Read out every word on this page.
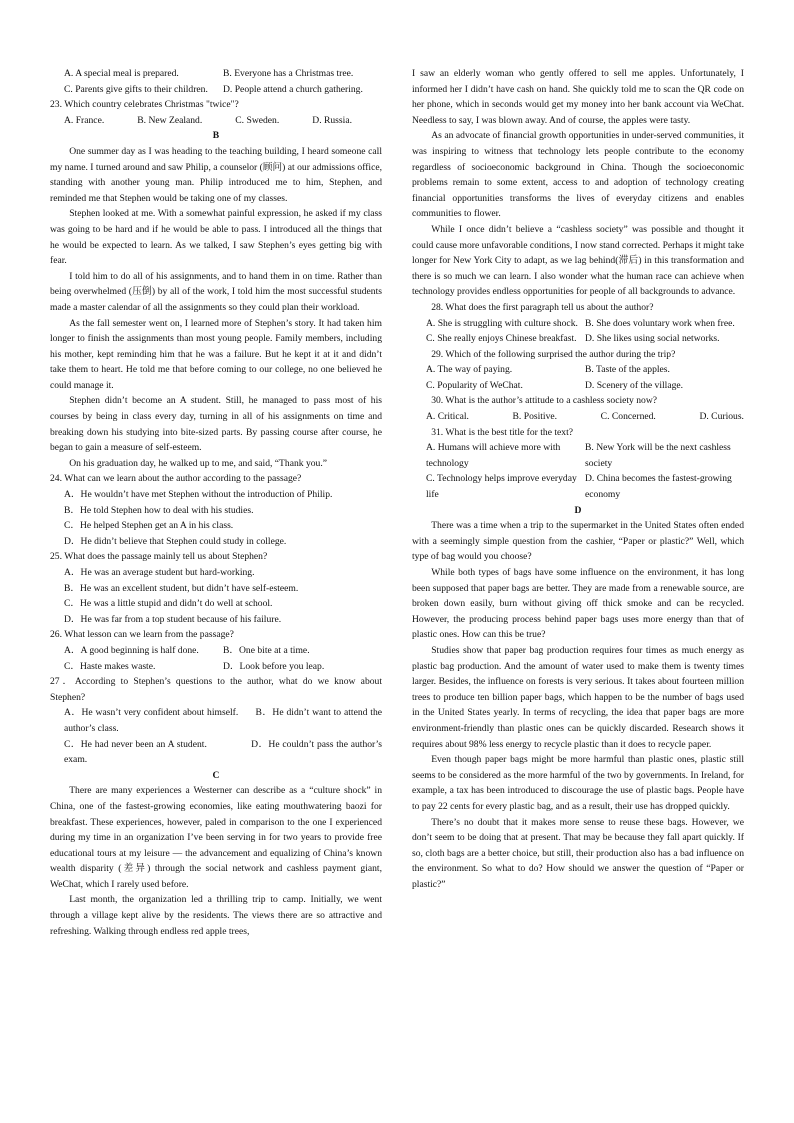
A. A special meal is prepared.	B. Everyone has a Christmas tree.
C. Parents give gifts to their children.	D. People attend a church gathering.

23. Which country celebrates Christmas "twice"?

A. France.	B. New Zealand.	C. Sweden.	D. Russia.

B

One summer day as I was heading to the teaching building, I heard someone call my name. I turned around and saw Philip, a counselor (顾问) at our admissions office, standing with another young man. Philip introduced me to him, Stephen, and reminded me that Stephen would be taking one of my classes.

Stephen looked at me. With a somewhat painful expression, he asked if my class was going to be hard and if he would be able to pass. I introduced all the things that he would be expected to learn. As we talked, I saw Stephen’s eyes getting big with fear.

I told him to do all of his assignments, and to hand them in on time. Rather than being overwhelmed (压倒) by all of the work, I told him the most successful students made a master calendar of all the assignments so they could plan their workload.

As the fall semester went on, I learned more of Stephen’s story. It had taken him longer to finish the assignments than most young people. Family members, including his mother, kept reminding him that he was a failure. But he kept it at it and didn’t take them to heart. He told me that before coming to our college, no one believed he could manage it.

Stephen didn’t become an A student. Still, he managed to pass most of his courses by being in class every day, turning in all of his assignments on time and breaking down his studying into bite-sized parts. By passing course after course, he began to gain a measure of self-esteem.

On his graduation day, he walked up to me, and said, “Thank you.”

24. What can we learn about the author according to the passage?

A．He wouldn’t have met Stephen without the introduction of Philip.

B．He told Stephen how to deal with his studies.

C．He helped Stephen get an A in his class.

D．He didn’t believe that Stephen could study in college.

25. What does the passage mainly tell us about Stephen?

A．He was an average student but hard-working.

B．He was an excellent student, but didn’t have self-esteem.

C．He was a little stupid and didn’t do well at school.

D．He was far from a top student because of his failure.

26. What lesson can we learn from the passage?

A．A good beginning is half done.	B．One bite at a time.
C．Haste makes waste.	D．Look before you leap.

27．According to Stephen’s questions to the author, what do we know about Stephen?

A．He wasn’t very confident about himself. B．He didn’t want to attend the author’s class.

C．He had never been an A student.	D．He couldn’t pass the author’s exam.

C

There are many experiences a Westerner can describe as a “culture shock” in China, one of the fastest-growing economies, like eating mouthwatering baozi for breakfast. These experiences, however, paled in comparison to the one I experienced during my time in an organization I’ve been serving in for two years to provide free educational tours at my leisure — the advancement and equalizing of China’s known wealth disparity (差异) through the social network and cashless payment giant, WeChat, which I rarely used before.

Last month, the organization led a thrilling trip to camp. Initially, we went through a village kept alive by the residents. The views there are so attractive and refreshing. Walking through endless red apple trees,

I saw an elderly woman who gently offered to sell me apples. Unfortunately, I informed her I didn’t have cash on hand. She quickly told me to scan the QR code on her phone, which in seconds would get my money into her bank account via WeChat. Needless to say, I was blown away. And of course, the apples were tasty.

As an advocate of financial growth opportunities in under-served communities, it was inspiring to witness that technology lets people contribute to the economy regardless of socioeconomic background in China. Though the socioeconomic problems remain to some extent, access to and adoption of technology creating financial opportunities transforms the lives of everyday citizens and enables communities to flower.

While I once didn’t believe a “cashless society” was possible and thought it could cause more unfavorable conditions, I now stand corrected. Perhaps it might take longer for New York City to adapt, as we lag behind(滞后) in this transformation and there is so much we can learn. I also wonder what the human race can achieve when technology provides endless opportunities for people of all backgrounds to advance.

28. What does the first paragraph tell us about the author?

A. She is struggling with culture shock. B. She does voluntary work when free.
C. She really enjoys Chinese breakfast. D. She likes using social networks.

29. Which of the following surprised the author during the trip?

A. The way of paying.	B. Taste of the apples.
C. Popularity of WeChat.	D. Scenery of the village.

30. What is the author’s attitude to a cashless society now?

A. Critical.	B. Positive.	C. Concerned.	D. Curious.

31. What is the best title for the text?

A. Humans will achieve more with technology
B. New York will be the next cashless society
C. Technology helps improve everyday life
D. China becomes the fastest-growing economy

D

There was a time when a trip to the supermarket in the United States often ended with a seemingly simple question from the cashier, “Paper or plastic?” Well, which type of bag would you choose?

While both types of bags have some influence on the environment, it has long been supposed that paper bags are better. They are made from a renewable source, are broken down easily, burn without giving off thick smoke and can be recycled. However, the producing process behind paper bags uses more energy than that of plastic ones. How can this be true?

Studies show that paper bag production requires four times as much energy as plastic bag production. And the amount of water used to make them is twenty times larger. Besides, the influence on forests is very serious. It takes about fourteen million trees to produce ten billion paper bags, which happen to be the number of bags used in the United States yearly. In terms of recycling, the idea that paper bags are more environment-friendly than plastic ones can be quickly discarded. Research shows it requires about 98% less energy to recycle plastic than it does to recycle paper.

Even though paper bags might be more harmful than plastic ones, plastic still seems to be considered as the more harmful of the two by governments. In Ireland, for example, a tax has been introduced to discourage the use of plastic bags. People have to pay 22 cents for every plastic bag, and as a result, their use has dropped quickly.

There’s no doubt that it makes more sense to reuse these bags. However, we don’t seem to be doing that at present. That may be because they fall apart quickly. If so, cloth bags are a better choice, but still, their production also has a bad influence on the environment. So what to do? How should we answer the question of “Paper or plastic?”
